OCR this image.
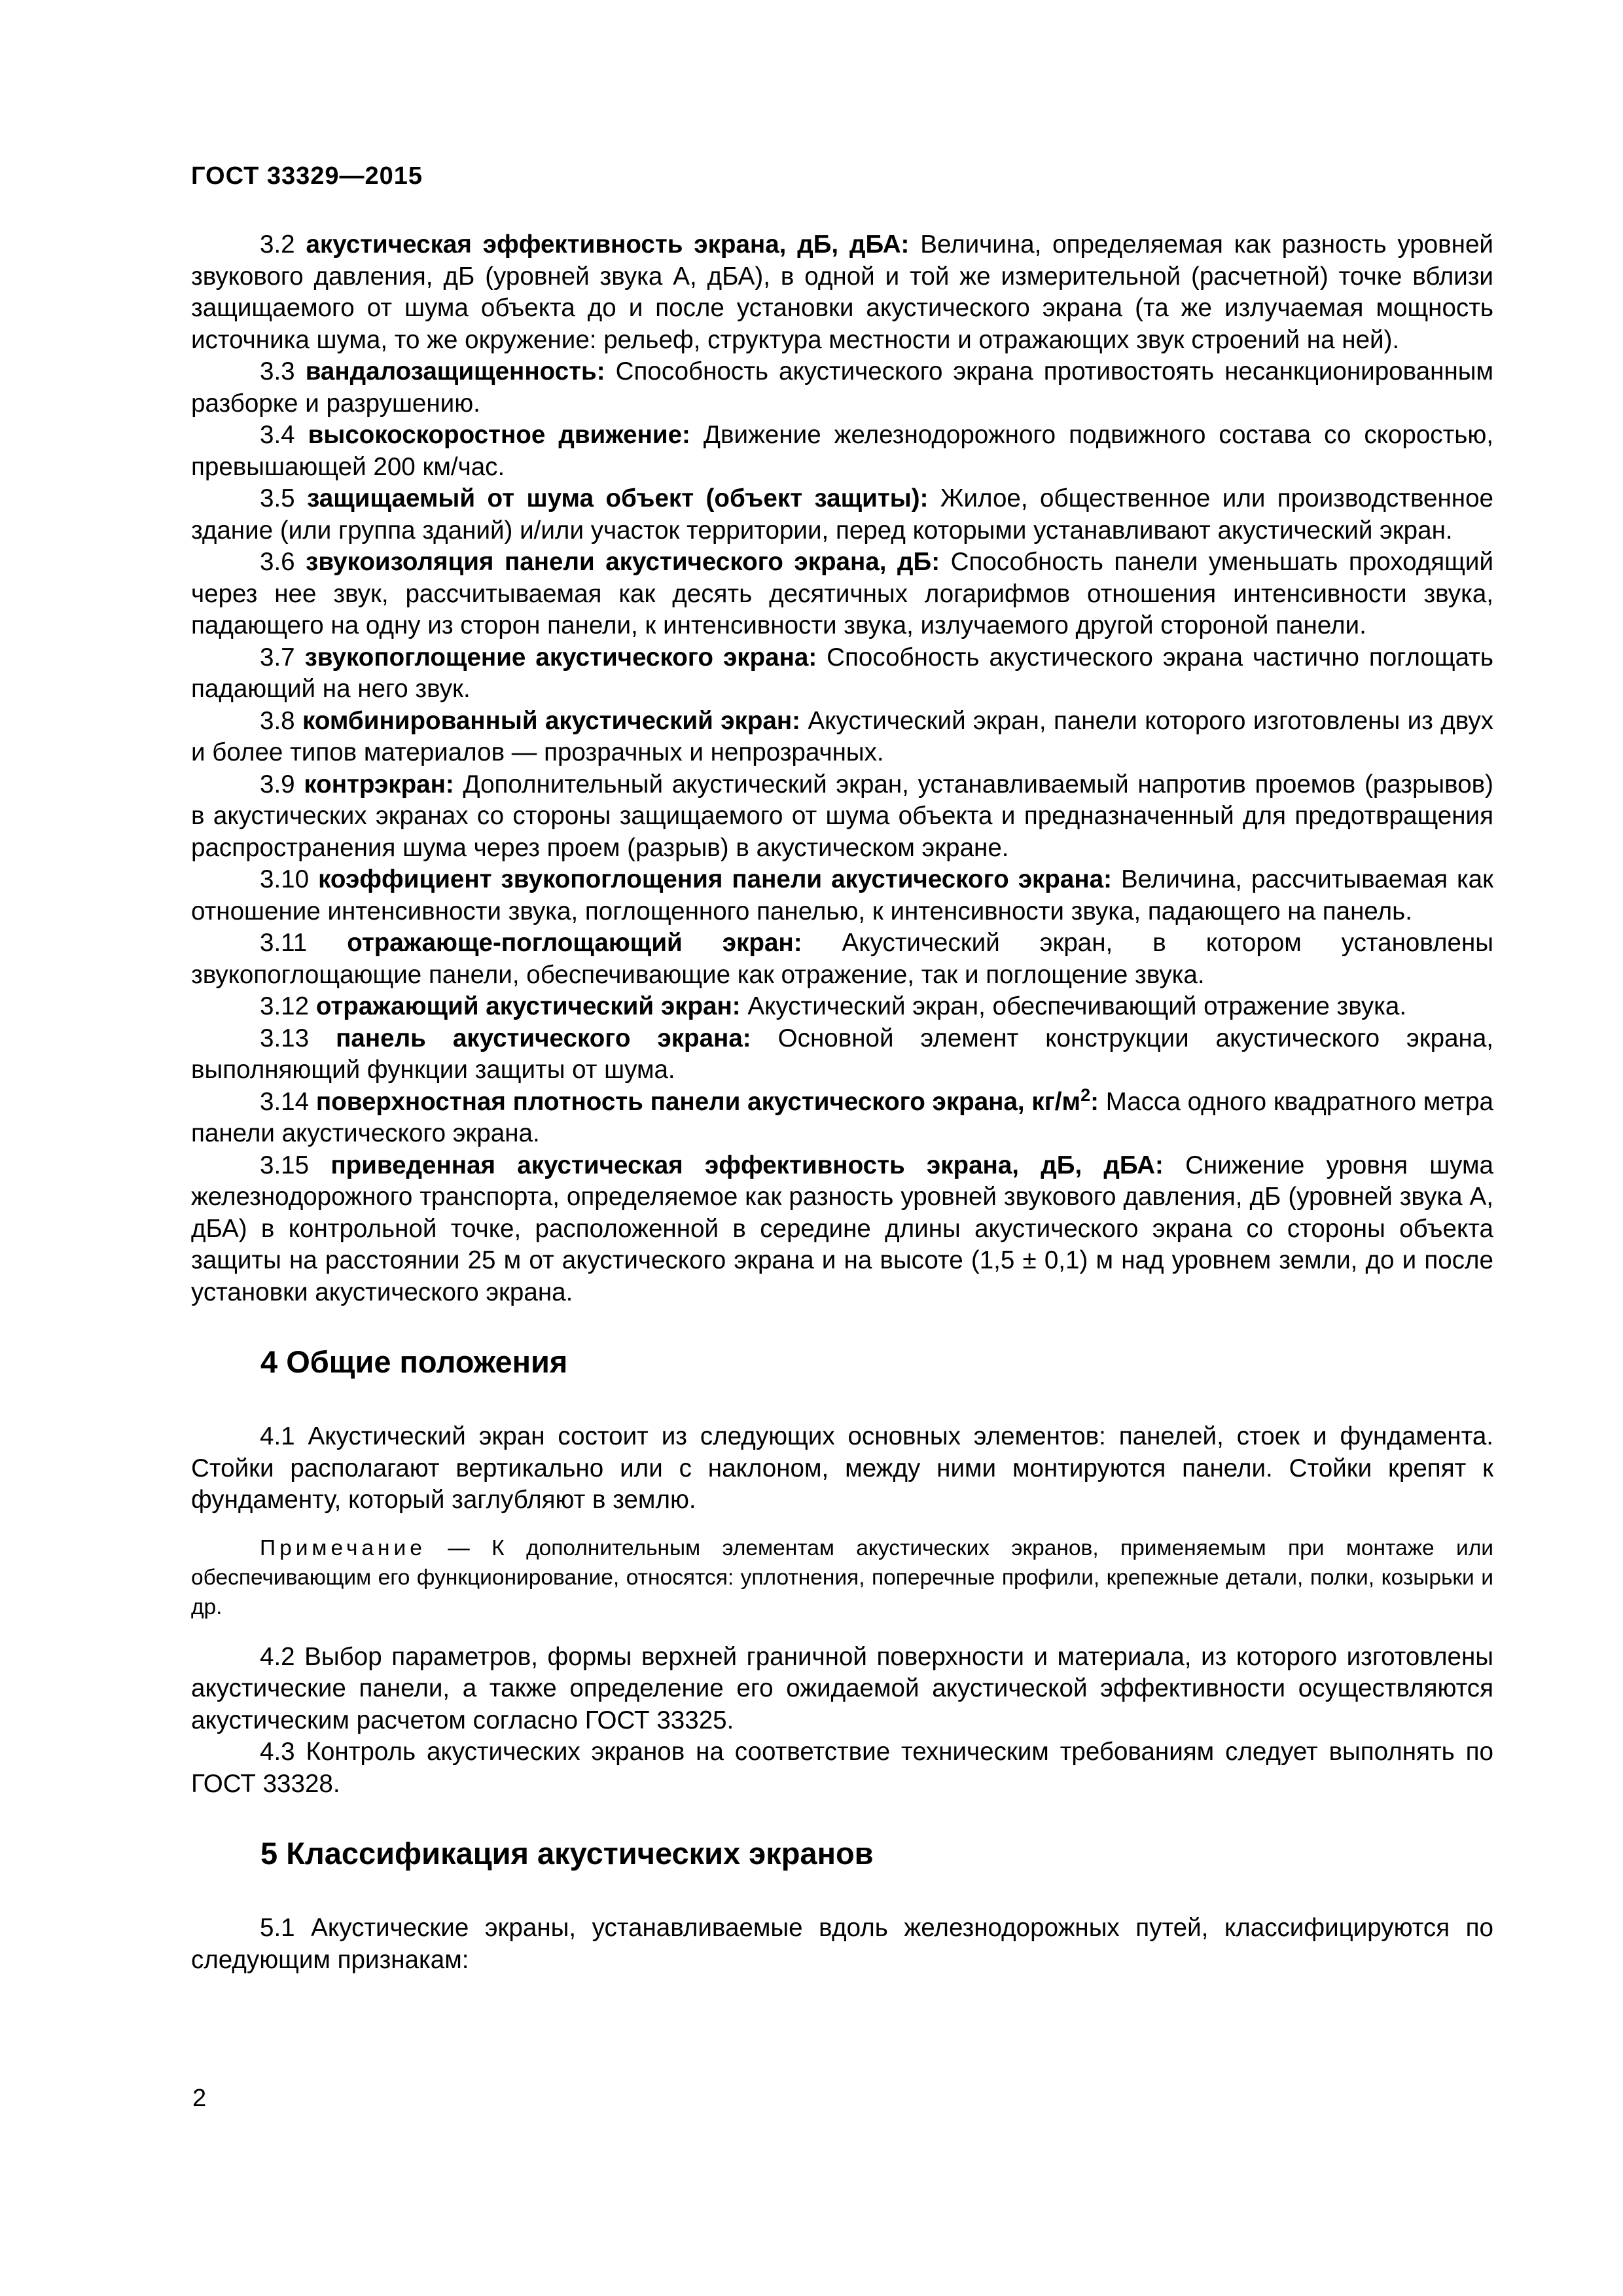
ГОСТ 33329—2015

3.2 акустическая эффективность экрана, дБ, дБА: Величина, определяемая как разность уровней звукового давления, дБ (уровней звука А, дБА), в одной и той же измерительной (расчетной) точке вблизи защищаемого от шума объекта до и после установки акустического экрана (та же излучаемая мощность источника шума, то же окружение: рельеф, структура местности и отражающих звук строений на ней).

3.3 вандалозащищенность: Способность акустического экрана противостоять несанкционированным разборке и разрушению.

3.4 высокоскоростное движение: Движение железнодорожного подвижного состава со скоростью, превышающей 200 км/час.

3.5 защищаемый от шума объект (объект защиты): Жилое, общественное или производственное здание (или группа зданий) и/или участок территории, перед которыми устанавливают акустический экран.

3.6 звукоизоляция панели акустического экрана, дБ: Способность панели уменьшать проходящий через нее звук, рассчитываемая как десять десятичных логарифмов отношения интенсивности звука, падающего на одну из сторон панели, к интенсивности звука, излучаемого другой стороной панели.

3.7 звукопоглощение акустического экрана: Способность акустического экрана частично поглощать падающий на него звук.

3.8 комбинированный акустический экран: Акустический экран, панели которого изготовлены из двух и более типов материалов — прозрачных и непрозрачных.

3.9 контрэкран: Дополнительный акустический экран, устанавливаемый напротив проемов (разрывов) в акустических экранах со стороны защищаемого от шума объекта и предназначенный для предотвращения распространения шума через проем (разрыв) в акустическом экране.

3.10 коэффициент звукопоглощения панели акустического экрана: Величина, рассчитываемая как отношение интенсивности звука, поглощенного панелью, к интенсивности звука, падающего на панель.

3.11 отражающе-поглощающий экран: Акустический экран, в котором установлены звукопоглощающие панели, обеспечивающие как отражение, так и поглощение звука.

3.12 отражающий акустический экран: Акустический экран, обеспечивающий отражение звука.

3.13 панель акустического экрана: Основной элемент конструкции акустического экрана, выполняющий функции защиты от шума.

3.14 поверхностная плотность панели акустического экрана, $кг/м^2$: Масса одного квадратного метра панели акустического экрана.

3.15 приведенная акустическая эффективность экрана, дБ, дБА: Снижение уровня шума железнодорожного транспорта, определяемое как разность уровней звукового давления, дБ (уровней звука А, дБА) в контрольной точке, расположенной в середине длины акустического экрана со стороны объекта защиты на расстоянии 25 м от акустического экрана и на высоте (1,5 ± 0,1) м над уровнем земли, до и после установки акустического экрана.

4 Общие положения

4.1 Акустический экран состоит из следующих основных элементов: панелей, стоек и фундамента. Стойки располагают вертикально или с наклоном, между ними монтируются панели. Стойки крепят к фундаменту, который заглубляют в землю.

Примечание — К дополнительным элементам акустических экранов, применяемым при монтаже или обеспечивающим его функционирование, относятся: уплотнения, поперечные профили, крепежные детали, полки, козырьки и др.

4.2 Выбор параметров, формы верхней граничной поверхности и материала, из которого изготовлены акустические панели, а также определение его ожидаемой акустической эффективности осуществляются акустическим расчетом согласно ГОСТ 33325.

4.3 Контроль акустических экранов на соответствие техническим требованиям следует выполнять по ГОСТ 33328.

5 Классификация акустических экранов

5.1 Акустические экраны, устанавливаемые вдоль железнодорожных путей, классифицируются по следующим признакам:

2
